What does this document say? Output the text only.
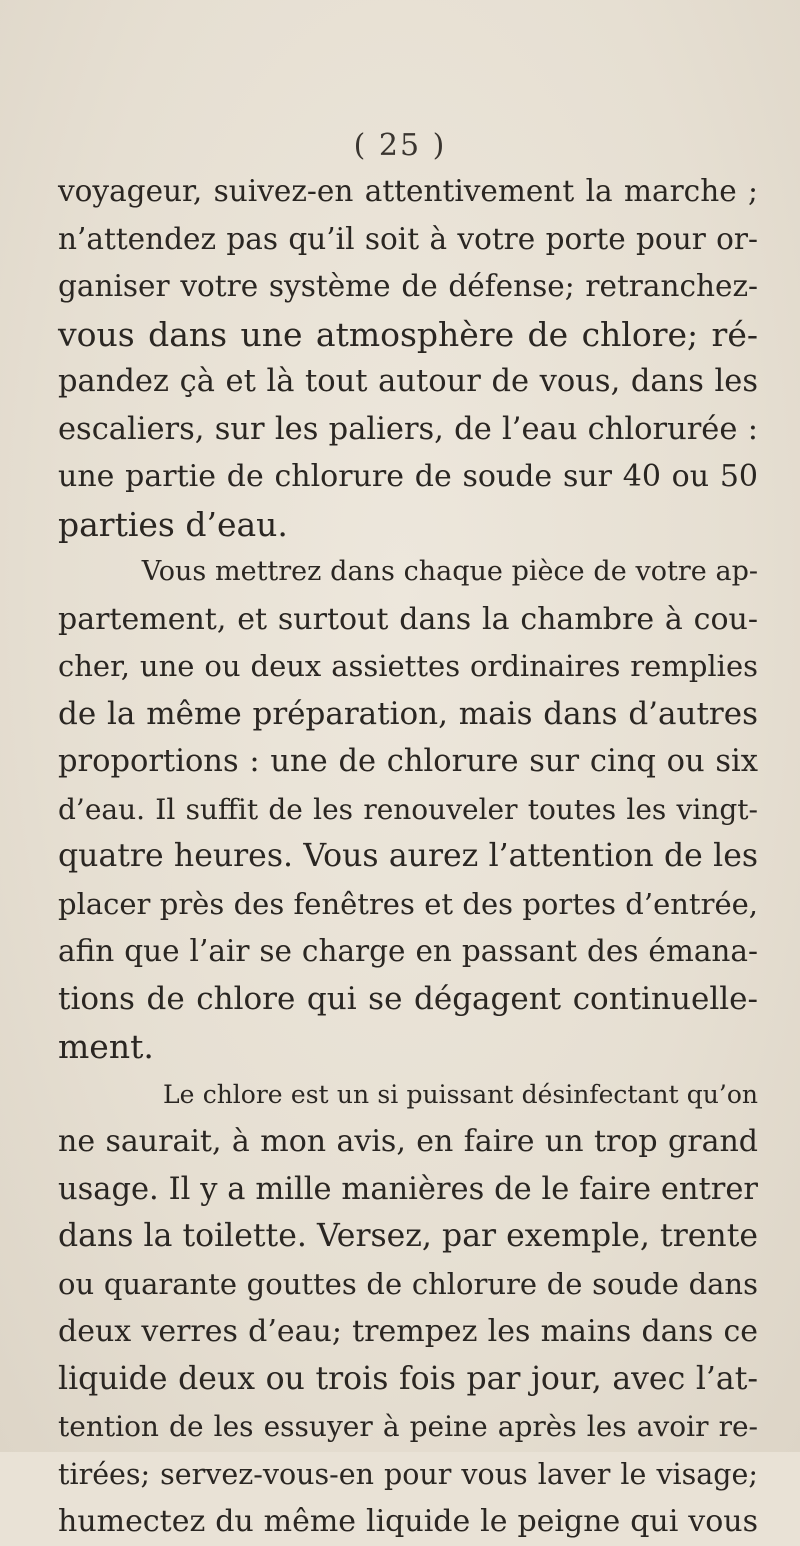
( 25 )
voyageur, suivez-en attentivement la marche ;
n’attendez pas qu’il soit à votre porte pour or-
ganiser votre système de défense; retranchez-
vous dans une atmosphère de chlore; ré-
pandez çà et là tout autour de vous, dans les
escaliers, sur les paliers, de l’eau chlorurée :
une partie de chlorure de soude sur 40 ou 50
parties d’eau.
Vous mettrez dans chaque pièce de votre ap-
partement, et surtout dans la chambre à cou-
cher, une ou deux assiettes ordinaires remplies
de la même préparation, mais dans d’autres
proportions : une de chlorure sur cinq ou six
d’eau. Il suffit de les renouveler toutes les vingt-
quatre heures. Vous aurez l’attention de les
placer près des fenêtres et des portes d’entrée,
afin que l’air se charge en passant des émana-
tions de chlore qui se dégagent continuelle-
ment.
Le chlore est un si puissant désinfectant qu’on
ne saurait, à mon avis, en faire un trop grand
usage. Il y a mille manières de le faire entrer
dans la toilette. Versez, par exemple, trente
ou quarante gouttes de chlorure de soude dans
deux verres d’eau; trempez les mains dans ce
liquide deux ou trois fois par jour, avec l’at-
tention de les essuyer à peine après les avoir re-
tirées; servez-vous-en pour vous laver le visage;
humectez du même liquide le peigne qui vous
